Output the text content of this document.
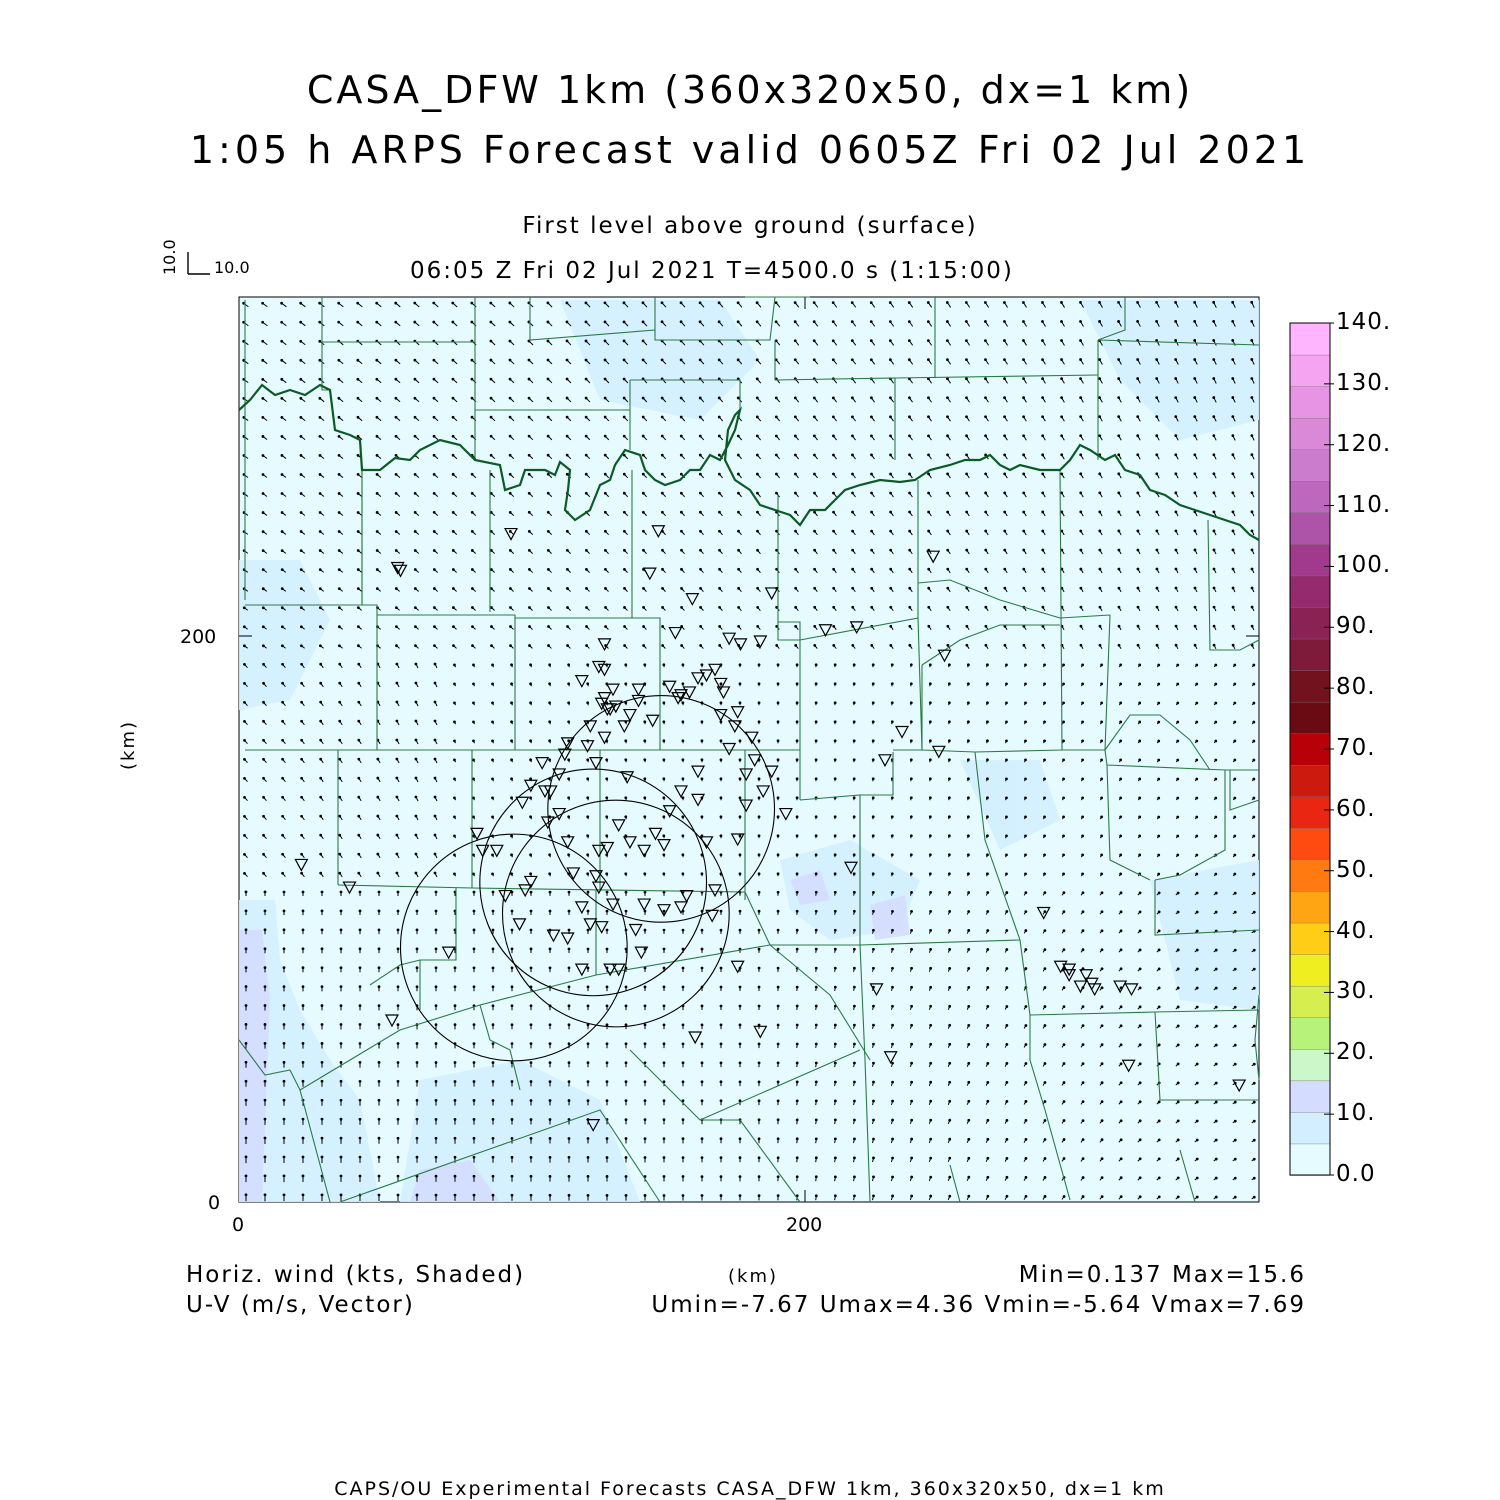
CASA_DFW 1km (360x320x50, dx=1 km)
1:05 h ARPS Forecast valid 0605Z Fri 02 Jul 2021
First level above ground (surface)
06:05 Z Fri 02 Jul 2021 T=4500.0 s (1:15:00)
10.0
10.0
(km)
0	200
0
200
Horiz. wind (kts, Shaded)
U-V (m/s, Vector)
(km)	Min=0.137 Max=15.6
Umin=-7.67 Umax=4.36 Vmin=-5.64 Vmax=7.69
CAPS/OU Experimental Forecasts CASA_DFW 1km, 360x320x50, dx=1 km
0.0
10.
20.
30.
40.
50.
60.
70.
80.
90.
100.
110.
120.
130.
140.
